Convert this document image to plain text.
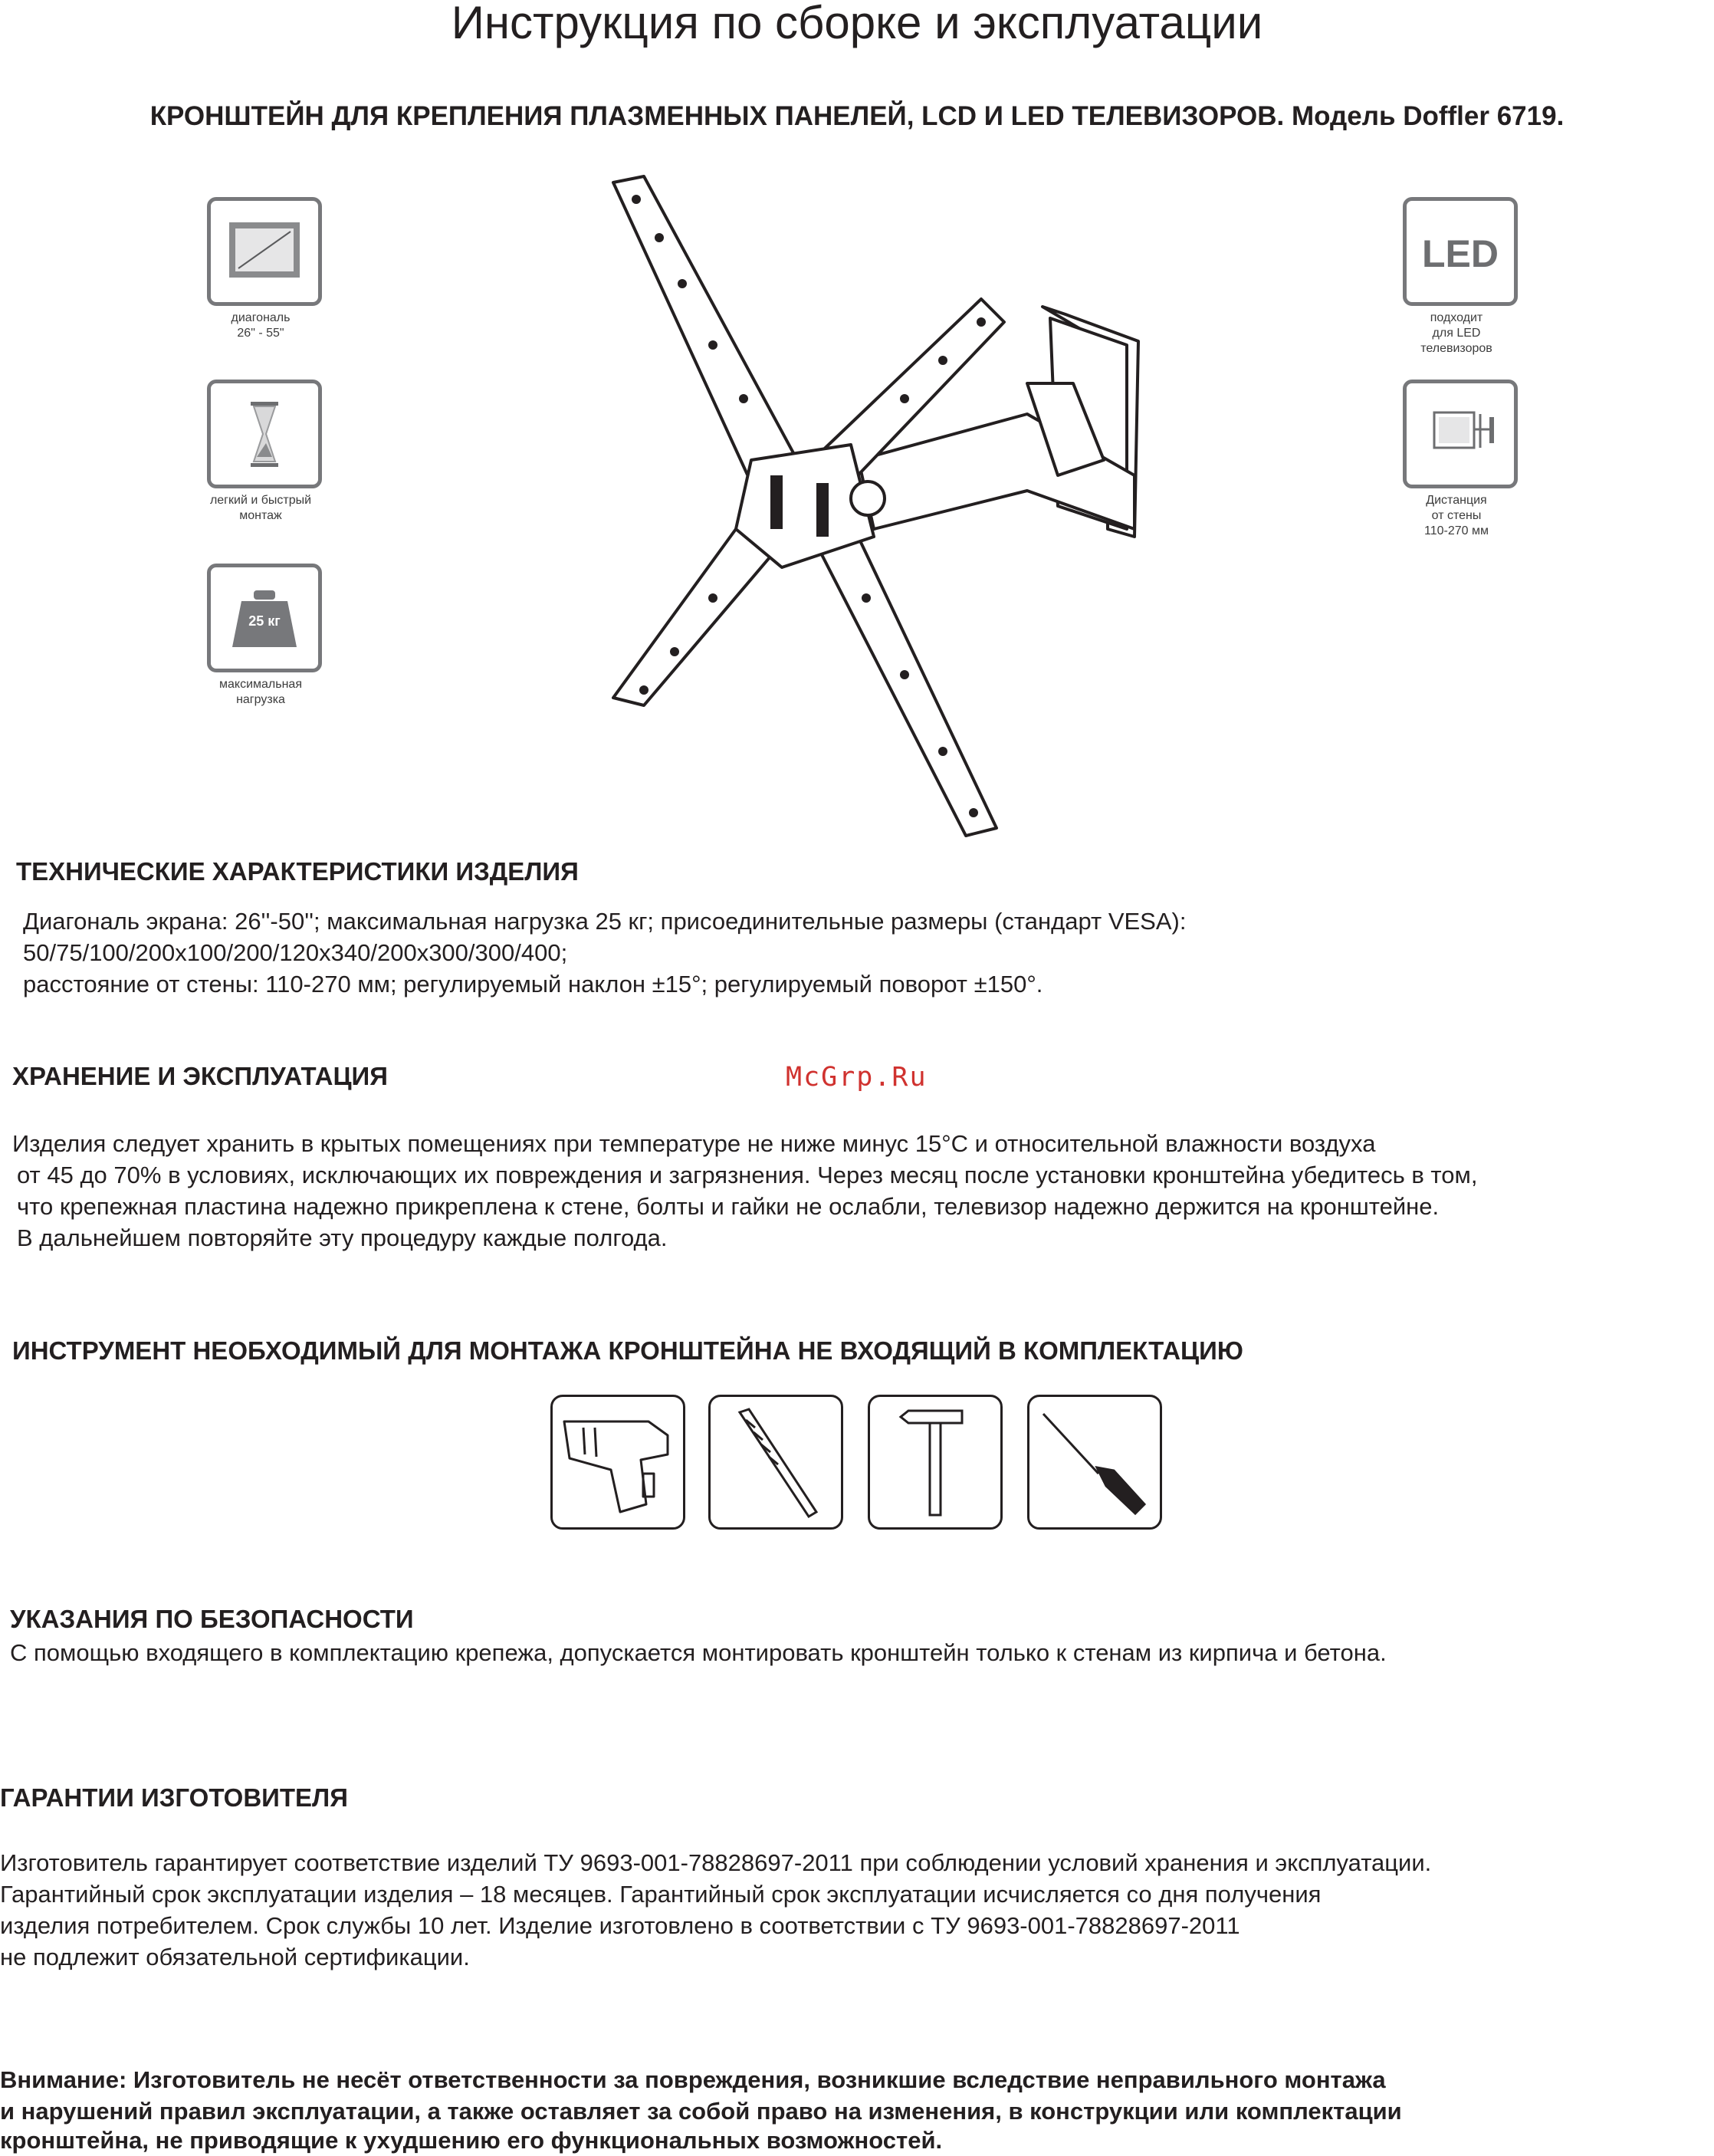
Инструкция по сборке и эксплуатации
КРОНШТЕЙН ДЛЯ КРЕПЛЕНИЯ ПЛАЗМЕННЫХ ПАНЕЛЕЙ, LCD И LED ТЕЛЕВИЗОРОВ. Модель Doffler 6719.
диагональ
26" - 55"
легкий и быстрый
монтаж
25 кг
максимальная
нагрузка
LED
подходит
для LED
телевизоров
Дистанция
от стены
110-270 мм
ТЕХНИЧЕСКИЕ ХАРАКТЕРИСТИКИ ИЗДЕЛИЯ
Диагональ экрана: 26''-50''; максимальная нагрузка 25 кг; присоединительные размеры (стандарт VESA):
50/75/100/200x100/200/120x340/200x300/300/400;
расстояние от стены: 110-270 мм; регулируемый наклон ±15°; регулируемый поворот ±150°.
ХРАНЕНИЕ И ЭКСПЛУАТАЦИЯ	McGrp.Ru
Изделия следует хранить в крытых помещениях при температуре не ниже минус 15°С и относительной влажности воздуха
от 45 до 70% в условиях, исключающих их повреждения и загрязнения. Через месяц после установки кронштейна убедитесь в том,
что крепежная пластина надежно прикреплена к стене, болты и гайки не ослабли, телевизор надежно держится на кронштейне.
В дальнейшем повторяйте эту процедуру каждые полгода.
ИНСТРУМЕНТ НЕОБХОДИМЫЙ ДЛЯ МОНТАЖА КРОНШТЕЙНА НЕ ВХОДЯЩИЙ В КОМПЛЕКТАЦИЮ
УКАЗАНИЯ ПО БЕЗОПАСНОСТИ
С помощью входящего в комплектацию крепежа, допускается монтировать кронштейн только к стенам из кирпича и бетона.
ГАРАНТИИ ИЗГОТОВИТЕЛЯ
Изготовитель гарантирует соответствие изделий ТУ 9693-001-78828697-2011 при соблюдении условий хранения и эксплуатации.
Гарантийный срок эксплуатации изделия – 18 месяцев. Гарантийный срок эксплуатации исчисляется со дня получения
изделия потребителем. Срок службы 10 лет. Изделие изготовлено в соответствии с ТУ 9693-001-78828697-2011
не подлежит обязательной сертификации.
Внимание: Изготовитель не несёт ответственности за повреждения, возникшие вследствие неправильного монтажа
и нарушений правил эксплуатации, а также оставляет за собой право на изменения, в конструкции или комплектации
кронштейна, не приводящие к ухудшению его функциональных возможностей.
